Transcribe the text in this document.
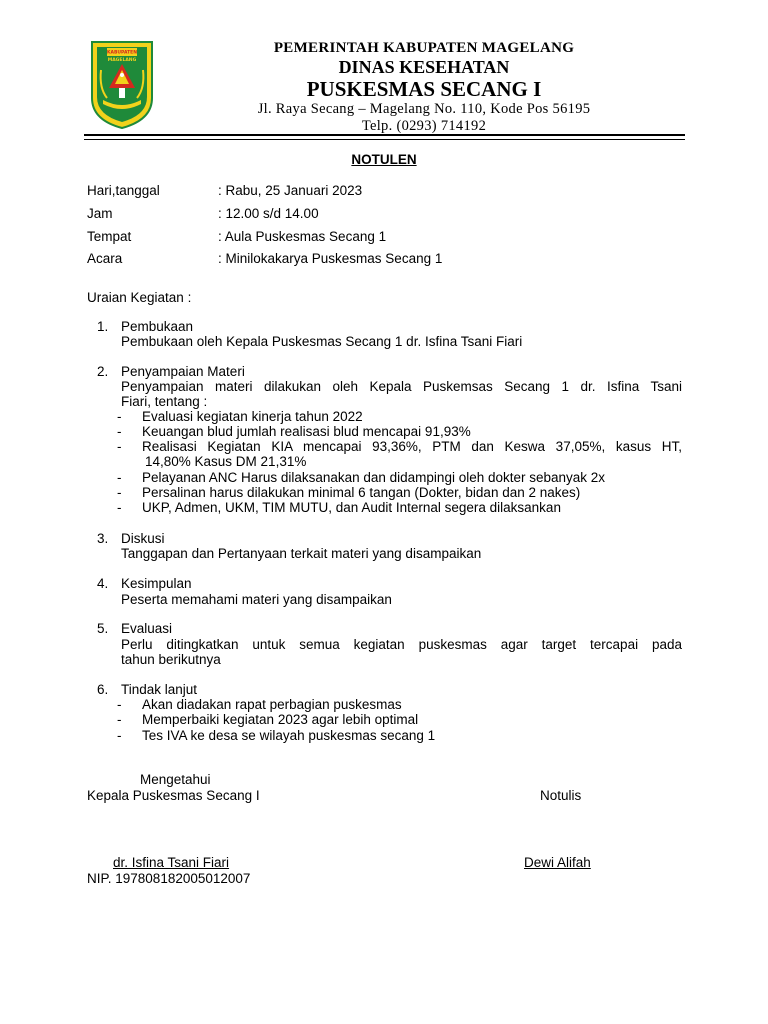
KABUPATEN
MAGELANG
PEMERINTAH KABUPATEN MAGELANG
DINAS KESEHATAN
PUSKESMAS SECANG I
Jl. Raya Secang – Magelang No. 110, Kode Pos 56195
Telp. (0293) 714192
NOTULEN
Hari,tanggal	: Rabu, 25 Januari 2023
Jam	: 12.00 s/d 14.00
Tempat	: Aula Puskesmas Secang 1
Acara	: Minilokakarya Puskesmas Secang 1
Uraian Kegiatan :
1. Pembukaan
Pembukaan oleh Kepala Puskesmas Secang 1 dr. Isfina Tsani Fiari
2. Penyampaian Materi
Penyampaian materi dilakukan oleh Kepala Puskemsas Secang 1 dr. Isfina Tsani
Fiari, tentang :
- Evaluasi kegiatan kinerja tahun 2022
- Keuangan blud jumlah realisasi blud mencapai 91,93%
- Realisasi Kegiatan KIA mencapai 93,36%, PTM dan Keswa 37,05%, kasus HT,
14,80% Kasus DM 21,31%
- Pelayanan ANC Harus dilaksanakan dan didampingi oleh dokter sebanyak 2x
- Persalinan harus dilakukan minimal 6 tangan (Dokter, bidan dan 2 nakes)
- UKP, Admen, UKM, TIM MUTU, dan Audit Internal segera dilaksankan
3. Diskusi
Tanggapan dan Pertanyaan terkait materi yang disampaikan
4. Kesimpulan
Peserta memahami materi yang disampaikan
5. Evaluasi
Perlu ditingkatkan untuk semua kegiatan puskesmas agar target tercapai pada
tahun berikutnya
6. Tindak lanjut
- Akan diadakan rapat perbagian puskesmas
- Memperbaiki kegiatan 2023 agar lebih optimal
- Tes IVA ke desa se wilayah puskesmas secang 1
Mengetahui
Kepala Puskesmas Secang I	Notulis
dr. Isfina Tsani Fiari	Dewi Alifah
NIP. 197808182005012007
